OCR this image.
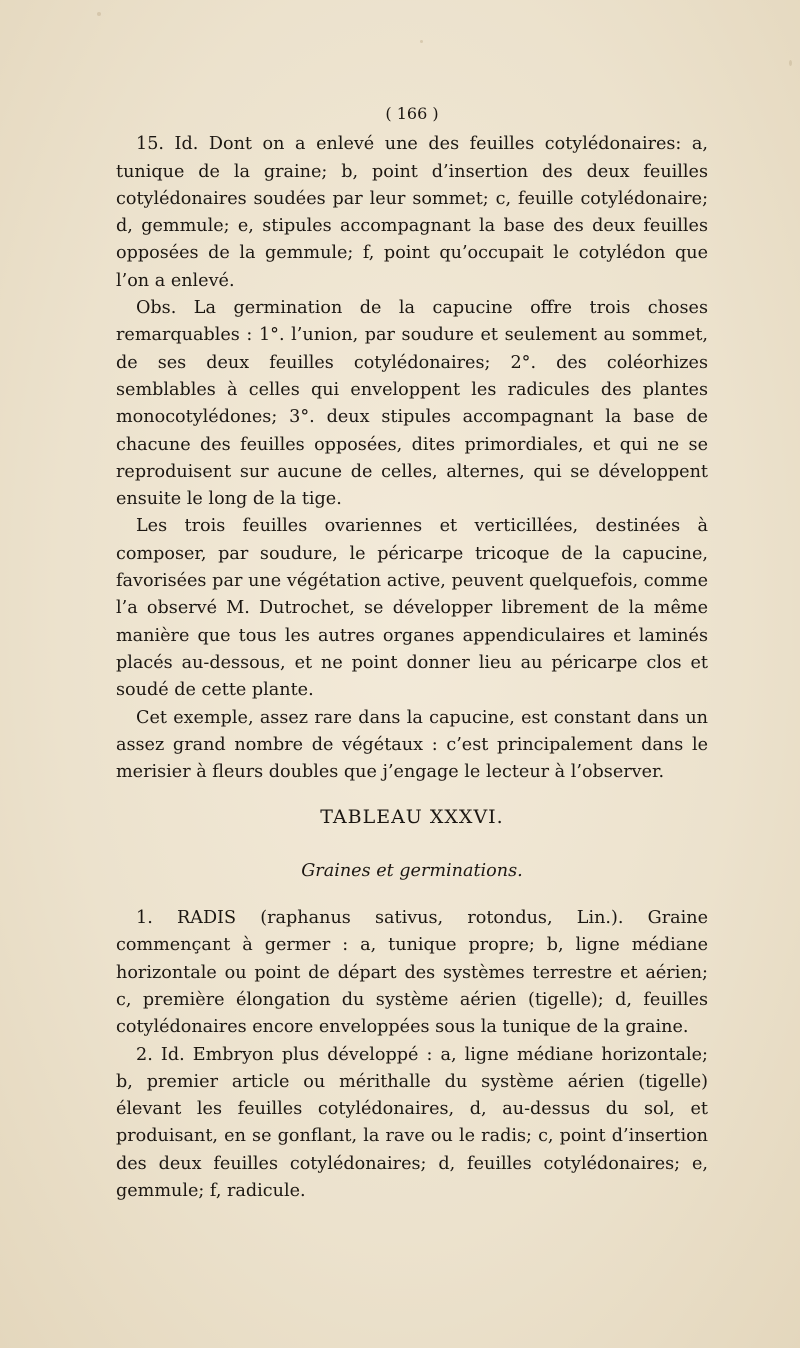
( 166 )

15. Id. Dont on a enlevé une des feuilles cotylédonaires: a, tunique de la graine; b, point d’insertion des deux feuilles cotylédonaires soudées par leur sommet; c, feuille cotylédonaire; d, gemmule; e, stipules accompagnant la base des deux feuilles opposées de la gemmule; f, point qu’occupait le cotylédon que l’on a enlevé.

Obs. La germination de la capucine offre trois choses remarquables : 1°. l’union, par soudure et seulement au sommet, de ses deux feuilles cotylédonaires; 2°. des coléorhizes semblables à celles qui enveloppent les radicules des plantes monocotylédones; 3°. deux stipules accompagnant la base de chacune des feuilles opposées, dites primordiales, et qui ne se reproduisent sur aucune de celles, alternes, qui se développent ensuite le long de la tige.

Les trois feuilles ovariennes et verticillées, destinées à composer, par soudure, le péricarpe tricoque de la capucine, favorisées par une végétation active, peuvent quelquefois, comme l’a observé M. Dutrochet, se développer librement de la même manière que tous les autres organes appendiculaires et laminés placés au-dessous, et ne point donner lieu au péricarpe clos et soudé de cette plante.

Cet exemple, assez rare dans la capucine, est constant dans un assez grand nombre de végétaux : c’est principalement dans le merisier à fleurs doubles que j’engage le lecteur à l’observer.

TABLEAU XXXVI.
Graines et germinations.

1. RADIS (raphanus sativus, rotondus, Lin.). Graine commençant à germer : a, tunique propre; b, ligne médiane horizontale ou point de départ des systèmes terrestre et aérien; c, première élongation du système aérien (tigelle); d, feuilles cotylédonaires encore enveloppées sous la tunique de la graine.

2. Id. Embryon plus développé : a, ligne médiane horizontale; b, premier article ou mérithalle du système aérien (tigelle) élevant les feuilles cotylédonaires, d, au-dessus du sol, et produisant, en se gonflant, la rave ou le radis; c, point d’insertion des deux feuilles cotylédonaires; d, feuilles cotylédonaires; e, gemmule; f, radicule.
